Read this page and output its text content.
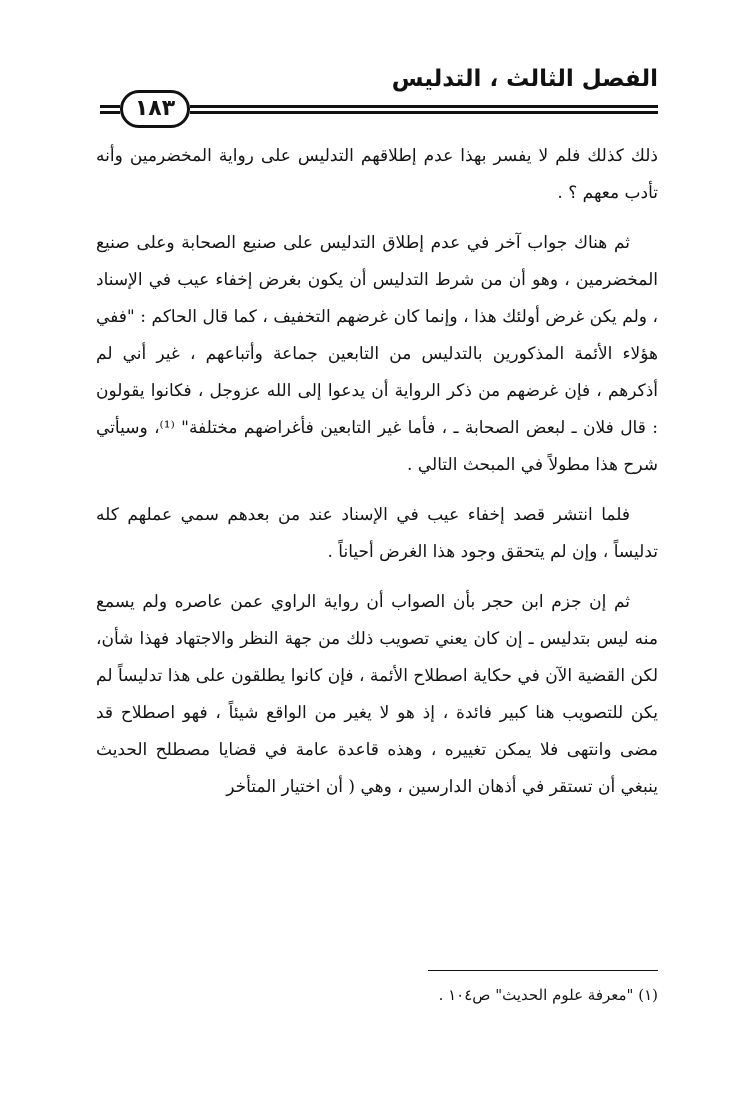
الفصل الثالث ، التدليس
١٨٣

ذلك كذلك فلم لا يفسر بهذا عدم إطلاقهم التدليس على رواية المخضرمين وأنه تأدب معهم ؟ .

ثم هناك جواب آخر في عدم إطلاق التدليس على صنيع الصحابة وعلى صنيع المخضرمين ، وهو أن من شرط التدليس أن يكون بغرض إخفاء عيب في الإسناد ، ولم يكن غرض أولئك هذا ، وإنما كان غرضهم التخفيف ، كما قال الحاكم : "ففي هؤلاء الأئمة المذكورين بالتدليس من التابعين جماعة وأتباعهم ، غير أني لم أذكرهم ، فإن غرضهم من ذكر الرواية أن يدعوا إلى الله عزوجل ، فكانوا يقولون : قال فلان ـ لبعض الصحابة ـ ، فأما غير التابعين فأغراضهم مختلفة" ⁽¹⁾، وسيأتي شرح هذا مطولاً في المبحث التالي .

فلما انتشر قصد إخفاء عيب في الإسناد عند من بعدهم سمي عملهم كله تدليساً ، وإن لم يتحقق وجود هذا الغرض أحياناً .

ثم إن جزم ابن حجر بأن الصواب أن رواية الراوي عمن عاصره ولم يسمع منه ليس بتدليس ـ إن كان يعني تصويب ذلك من جهة النظر والاجتهاد فهذا شأن، لكن القضية الآن في حكاية اصطلاح الأئمة ، فإن كانوا يطلقون على هذا تدليساً لم يكن للتصويب هنا كبير فائدة ، إذ هو لا يغير من الواقع شيئاً ، فهو اصطلاح قد مضى وانتهى فلا يمكن تغييره ، وهذه قاعدة عامة في قضايا مصطلح الحديث ينبغي أن تستقر في أذهان الدارسين ، وهي ( أن اختيار المتأخر

(١) "معرفة علوم الحديث" ص١٠٤ .
